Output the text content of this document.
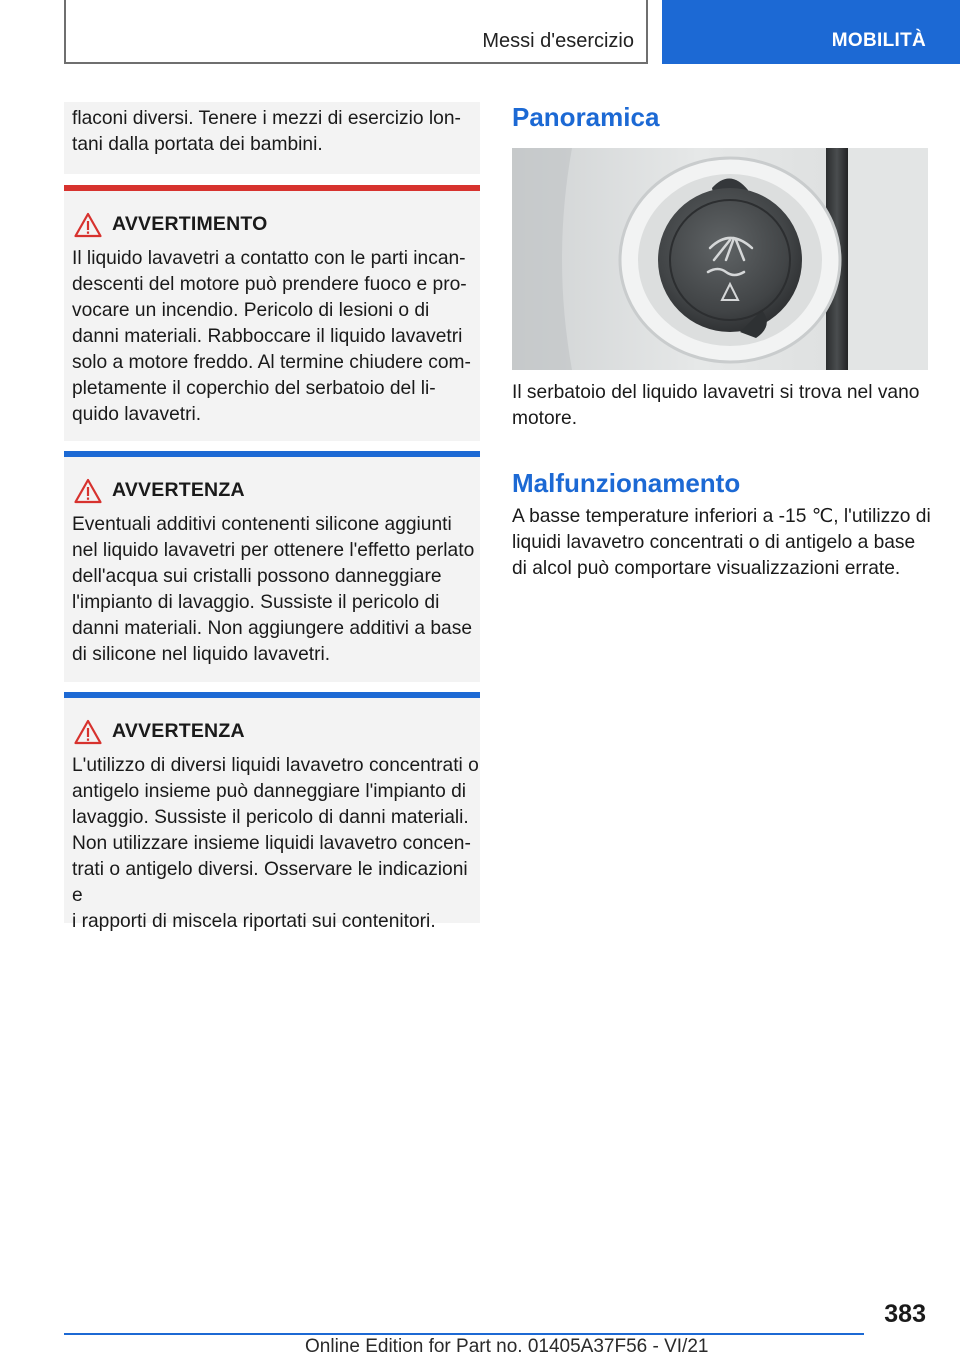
Messi d'esercizio	MOBILITÀ

flaconi diversi. Tenere i mezzi di esercizio lon-

tani dalla portata dei bambini.

AVVERTIMENTO

Il liquido lavavetri a contatto con le parti incan-

descenti del motore può prendere fuoco e pro-

vocare un incendio. Pericolo di lesioni o di

danni materiali. Rabboccare il liquido lavavetri

solo a motore freddo. Al termine chiudere com-

pletamente il coperchio del serbatoio del li-

quido lavavetri.

AVVERTENZA

Eventuali additivi contenenti silicone aggiunti

nel liquido lavavetri per ottenere l'effetto perlato

dell'acqua sui cristalli possono danneggiare

l'impianto di lavaggio. Sussiste il pericolo di

danni materiali. Non aggiungere additivi a base

di silicone nel liquido lavavetri.

AVVERTENZA

L'utilizzo di diversi liquidi lavavetro concentrati o

antigelo insieme può danneggiare l'impianto di

lavaggio. Sussiste il pericolo di danni materiali.

Non utilizzare insieme liquidi lavavetro concen-

trati o antigelo diversi. Osservare le indicazioni e

i rapporti di miscela riportati sui contenitori.

Panoramica
Il serbatoio del liquido lavavetri si trova nel vano
motore.
Malfunzionamento
A basse temperature inferiori a -15 ℃, l'utilizzo di
liquidi lavavetro concentrati o di antigelo a base
di alcol può comportare visualizzazioni errate.
383
Online Edition for Part no. 01405A37F56 - VI/21
